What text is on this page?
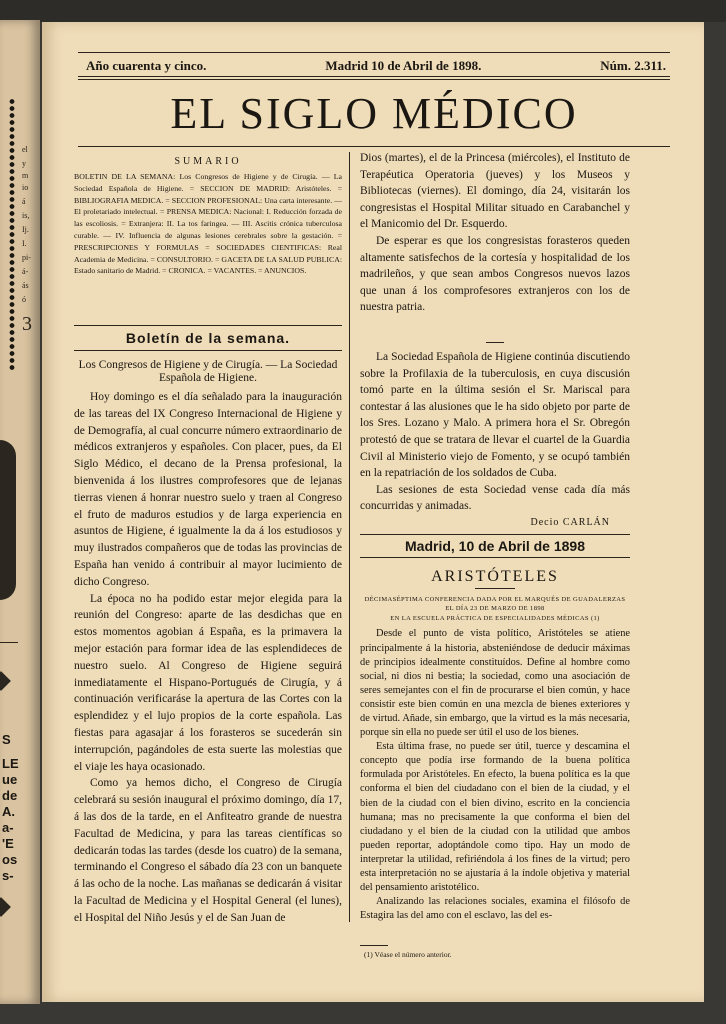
el
y
m
io
á
is,
Ij.
I.
pi-
á-
ás
ó
3
S
LE
ue
de
A.
a-
'E
os
s-
Año cuarenta y cinco.	Madrid 10 de Abril de 1898.	Núm. 2.311.
EL SIGLO MÉDICO
SUMARIO
BOLETIN DE LA SEMANA: Los Congresos de Higiene y de Cirugía. — La Sociedad Española de Higiene. = SECCION DE MADRID: Aristóteles. = BIBLIOGRAFIA MEDICA. = SECCION PROFESIONAL: Una carta interesante. — El proletariado intelectual. = PRENSA MEDICA: Nacional: I. Reducción forzada de las escoliosis. = Extranjera: II. La tos faringea. — III. Ascitis crónica tuberculosa curable. — IV. Influencia de algunas lesiones cerebrales sobre la gestación. = PRESCRIPCIONES Y FORMULAS = SOCIEDADES CIENTIFICAS: Real Academia de Medicina. = CONSULTORIO. = GACETA DE LA SALUD PUBLICA: Estado sanitario de Madrid. = CRONICA. = VACANTES. = ANUNCIOS.
Boletín de la semana.
Los Congresos de Higiene y de Cirugía. — La Sociedad Española de Higiene.

Hoy domingo es el día señalado para la inauguración de las tareas del IX Congreso Internacional de Higiene y de Demografía, al cual concurre número extraordinario de médicos extranjeros y españoles. Con placer, pues, da El Siglo Médico, el decano de la Prensa profesional, la bienvenida á los ilustres comprofesores que de lejanas tierras vienen á honrar nuestro suelo y traen al Congreso el fruto de maduros estudios y de larga experiencia en asuntos de Higiene, é igualmente la da á los estudiosos y muy ilustrados compañeros que de todas las provincias de España han venido á contribuir al mayor lucimiento de dicho Congreso.

La época no ha podido estar mejor elegida para la reunión del Congreso: aparte de las desdichas que en estos momentos agobian á España, es la primavera la mejor estación para formar idea de las esplendideces de nuestro suelo. Al Congreso de Higiene seguirá inmediatamente el Hispano-Portugués de Cirugía, y á continuación verificaráse la apertura de las Cortes con la esplendidez y el lujo propios de la corte española. Las fiestas para agasajar á los forasteros se sucederán sin interrupción, pagándoles de esta suerte las molestias que el viaje les haya ocasionado.

Como ya hemos dicho, el Congreso de Cirugía celebrará su sesión inaugural el próximo domingo, día 17, á las dos de la tarde, en el Anfiteatro grande de nuestra Facultad de Medicina, y para las tareas científicas so dedicarán todas las tardes (desde los cuatro) de la semana, terminando el Congreso el sábado día 23 con un banquete á las ocho de la noche. Las mañanas se dedicarán á visitar la Facultad de Medicina y el Hospital General (el lunes), el Hospital del Niño Jesús y el de San Juan de

Dios (martes), el de la Princesa (miércoles), el Instituto de Terapéutica Operatoria (jueves) y los Museos y Bibliotecas (viernes). El domingo, día 24, visitarán los congresistas el Hospital Militar situado en Carabanchel y el Manicomio del Dr. Esquerdo.

De esperar es que los congresistas forasteros queden altamente satisfechos de la cortesía y hospitalidad de los madrileños, y que sean ambos Congresos nuevos lazos que unan á los comprofesores extranjeros con los de nuestra patria.

La Sociedad Española de Higiene continúa discutiendo sobre la Profilaxia de la tuberculosis, en cuya discusión tomó parte en la última sesión el Sr. Mariscal para contestar á las alusiones que le ha sido objeto por parte de los Sres. Lozano y Malo. A primera hora el Sr. Obregón protestó de que se tratara de llevar el cuartel de la Guardia Civil al Ministerio viejo de Fomento, y se ocupó también en la repatriación de los soldados de Cuba.

Las sesiones de esta Sociedad vense cada día más concurridas y animadas.

Decio CARLÁN
Madrid, 10 de Abril de 1898
ARISTÓTELES
DÉCIMASÉPTIMA CONFERENCIA DADA POR EL MARQUÉS DE GUADALERZAS
EL DÍA 23 DE MARZO DE 1898
EN LA ESCUELA PRÁCTICA DE ESPECIALIDADES MÉDICAS (1)

Desde el punto de vista político, Aristóteles se atiene principalmente á la historia, absteniéndose de deducir máximas de principios idealmente constituídos. Define al hombre como social, ni dios ni bestia; la sociedad, como una asociación de seres semejantes con el fin de procurarse el bien común, y hace consistir este bien común en una mezcla de bienes exteriores y de virtud. Añade, sin embargo, que la virtud es la más necesaria, porque sin ella no puede ser útil el uso de los bienes.

Esta última frase, no puede ser útil, tuerce y descamina el concepto que podía irse formando de la buena política formulada por Aristóteles. En efecto, la buena política es la que conforma el bien del ciudadano con el bien de la ciudad, y el bien de la ciudad con el bien divino, escrito en la conciencia humana; mas no precisamente la que conforma el bien del ciudadano y el bien de la ciudad con la utilidad que ambos pueden reportar, adoptándole como tipo. Hay un modo de interpretar la utilidad, refiriéndola á los fines de la virtud; pero esta interpretación no se ajustaría á la índole objetiva y material del pensamiento aristotélico.

Analizando las relaciones sociales, examina el filósofo de Estagira las del amo con el esclavo, las del es-

(1) Véase el número anterior.
